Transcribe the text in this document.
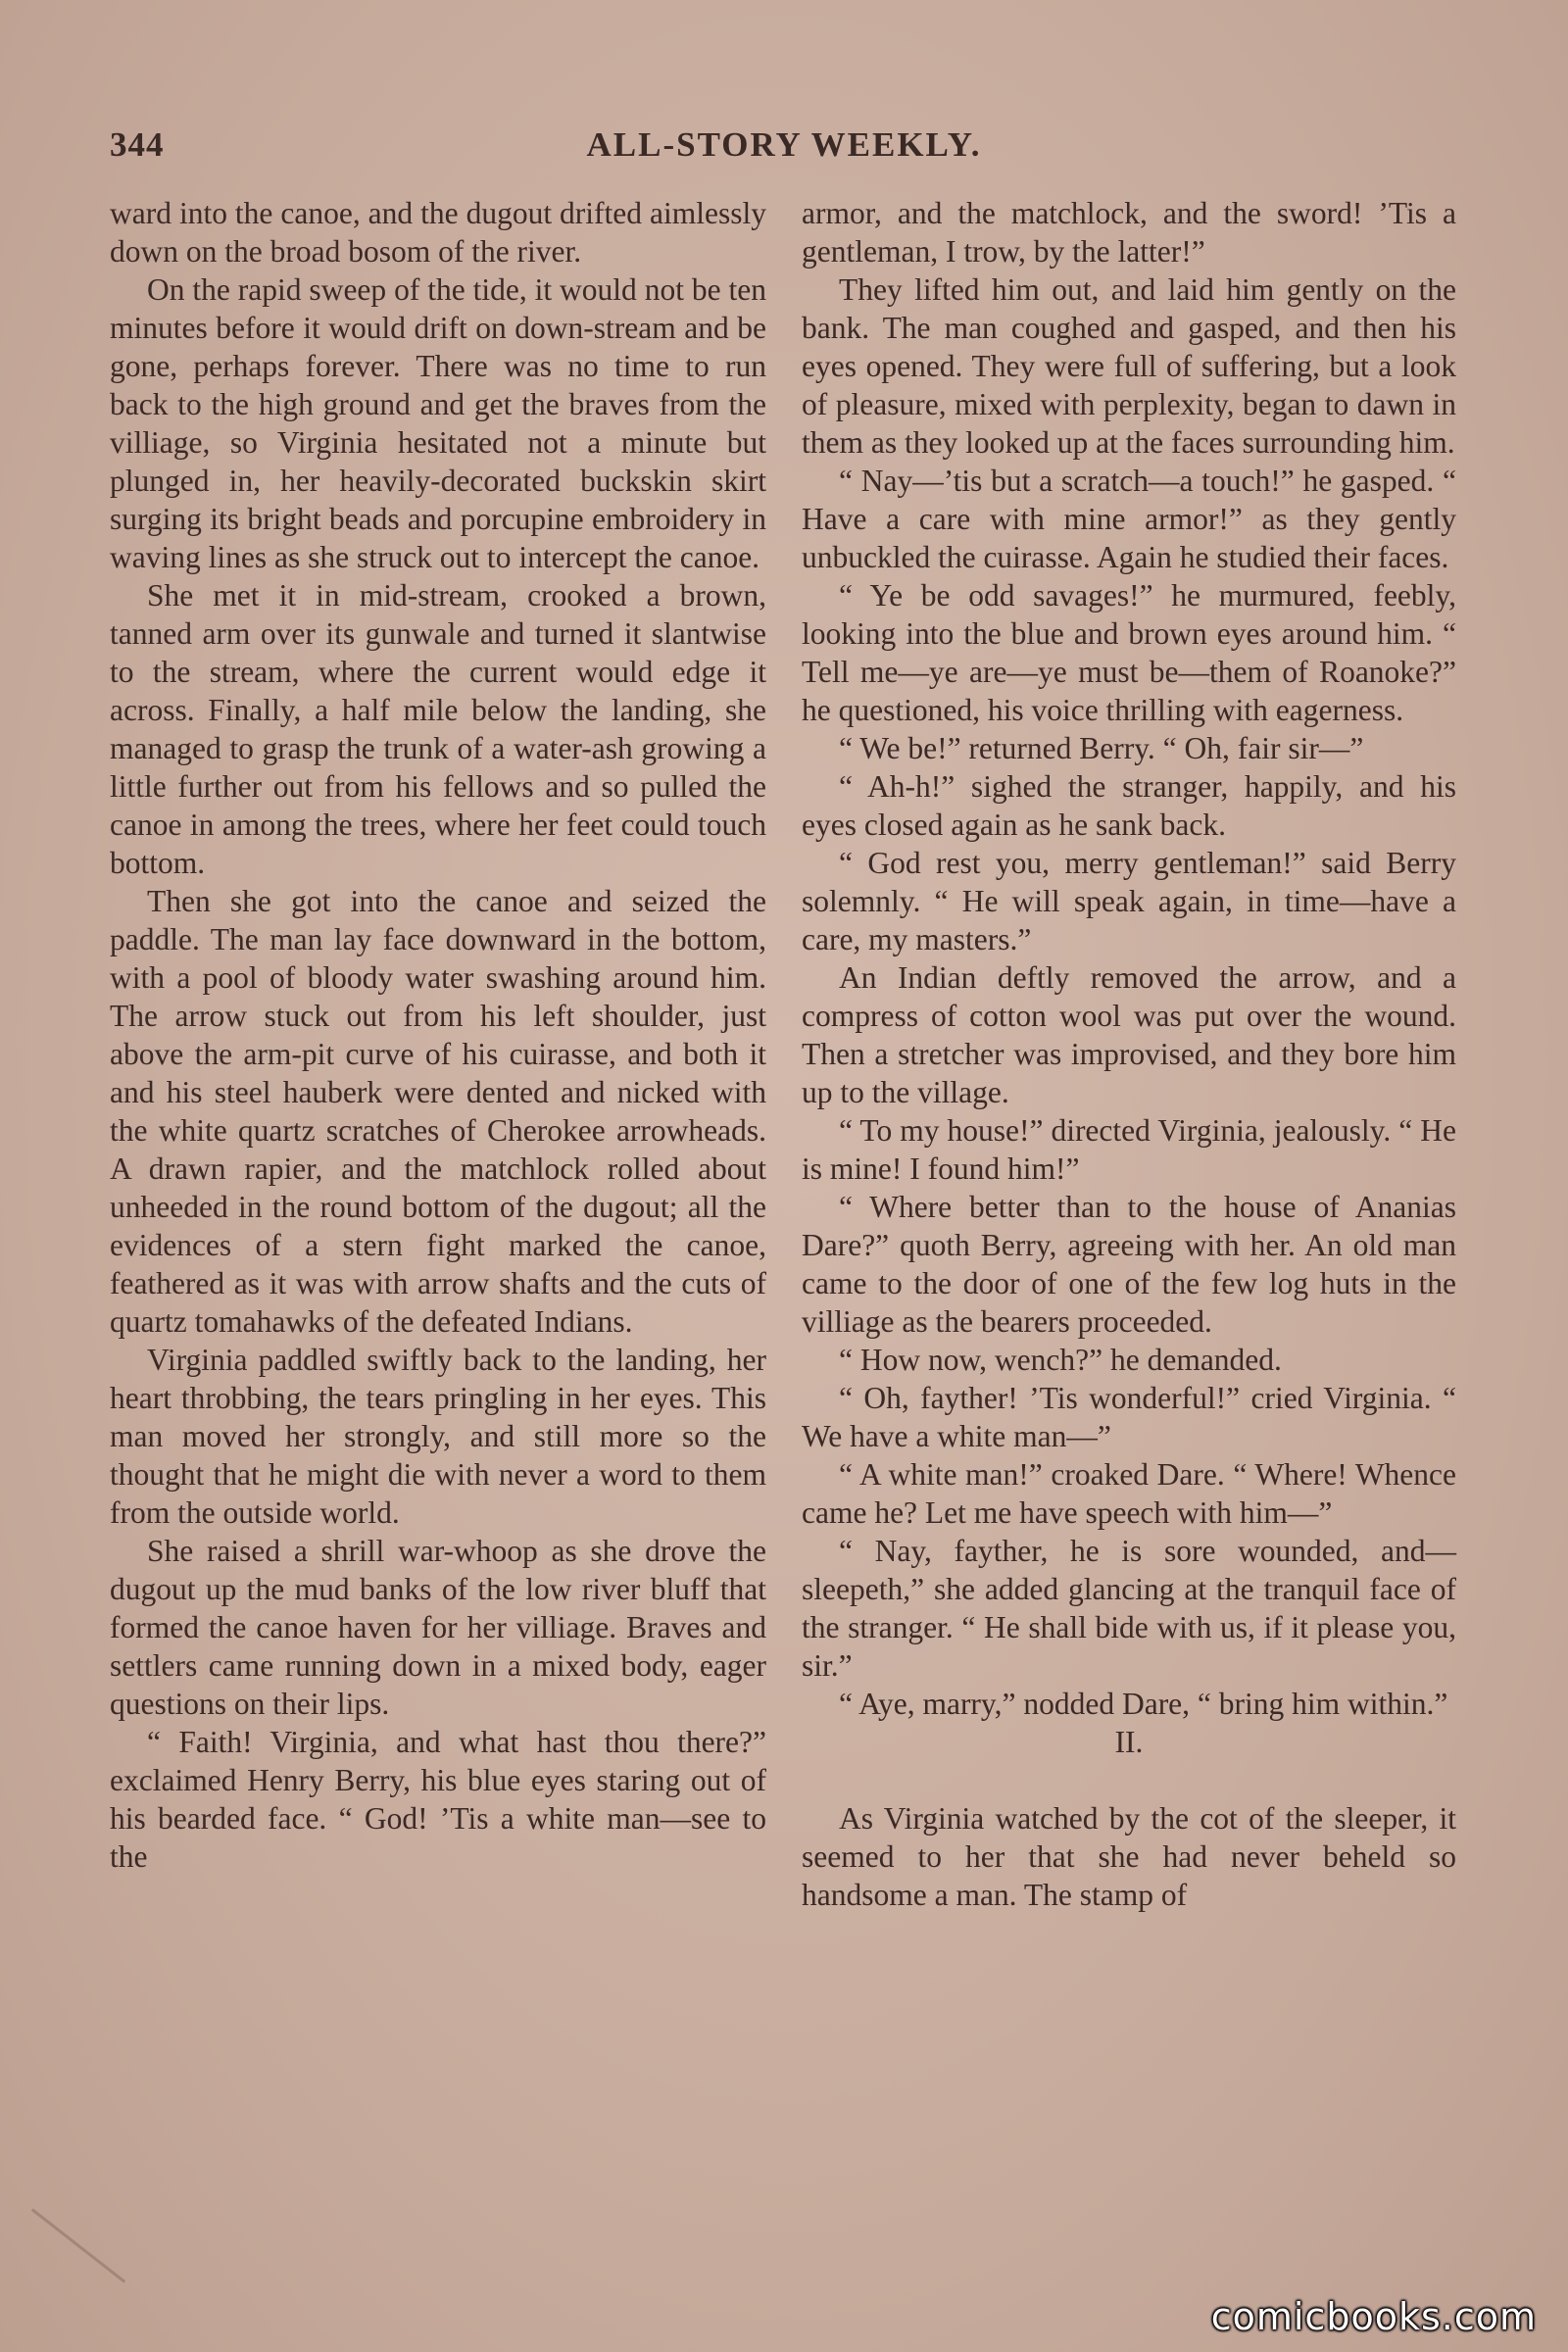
344	ALL-STORY WEEKLY.

ward into the canoe, and the dugout drifted aimlessly down on the broad bosom of the river.

On the rapid sweep of the tide, it would not be ten minutes before it would drift on down-stream and be gone, perhaps forever. There was no time to run back to the high ground and get the braves from the villiage, so Virginia hesitated not a minute but plunged in, her heavily-decorated buckskin skirt surging its bright beads and porcupine embroidery in waving lines as she struck out to intercept the canoe.

She met it in mid-stream, crooked a brown, tanned arm over its gunwale and turned it slantwise to the stream, where the current would edge it across. Finally, a half mile below the landing, she managed to grasp the trunk of a water-ash growing a little further out from his fellows and so pulled the canoe in among the trees, where her feet could touch bottom.

Then she got into the canoe and seized the paddle. The man lay face downward in the bottom, with a pool of bloody water swashing around him. The arrow stuck out from his left shoulder, just above the arm-pit curve of his cuirasse, and both it and his steel hauberk were dented and nicked with the white quartz scratches of Cherokee arrowheads. A drawn rapier, and the matchlock rolled about unheeded in the round bottom of the dugout; all the evidences of a stern fight marked the canoe, feathered as it was with arrow shafts and the cuts of quartz tomahawks of the defeated Indians.

Virginia paddled swiftly back to the landing, her heart throbbing, the tears pringling in her eyes. This man moved her strongly, and still more so the thought that he might die with never a word to them from the outside world.

She raised a shrill war-whoop as she drove the dugout up the mud banks of the low river bluff that formed the canoe haven for her villiage. Braves and settlers came running down in a mixed body, eager questions on their lips.

“ Faith! Virginia, and what hast thou there?” exclaimed Henry Berry, his blue eyes staring out of his bearded face. “ God! ’Tis a white man—see to the

armor, and the matchlock, and the sword! ’Tis a gentleman, I trow, by the latter!”

They lifted him out, and laid him gently on the bank. The man coughed and gasped, and then his eyes opened. They were full of suffering, but a look of pleasure, mixed with perplexity, began to dawn in them as they looked up at the faces surrounding him.

“ Nay—’tis but a scratch—a touch!” he gasped. “ Have a care with mine armor!” as they gently unbuckled the cuirasse. Again he studied their faces.

“ Ye be odd savages!” he murmured, feebly, looking into the blue and brown eyes around him. “ Tell me—ye are—ye must be—them of Roanoke?” he questioned, his voice thrilling with eagerness.

“ We be!” returned Berry. “ Oh, fair sir—”

“ Ah-h!” sighed the stranger, happily, and his eyes closed again as he sank back.

“ God rest you, merry gentleman!” said Berry solemnly. “ He will speak again, in time—have a care, my masters.”

An Indian deftly removed the arrow, and a compress of cotton wool was put over the wound. Then a stretcher was improvised, and they bore him up to the village.

“ To my house!” directed Virginia, jealously. “ He is mine! I found him!”

“ Where better than to the house of Ananias Dare?” quoth Berry, agreeing with her. An old man came to the door of one of the few log huts in the villiage as the bearers proceeded.

“ How now, wench?” he demanded.

“ Oh, fayther! ’Tis wonderful!” cried Virginia. “ We have a white man—”

“ A white man!” croaked Dare. “ Where! Whence came he? Let me have speech with him—”

“ Nay, fayther, he is sore wounded, and—sleepeth,” she added glancing at the tranquil face of the stranger. “ He shall bide with us, if it please you, sir.”

“ Aye, marry,” nodded Dare, “ bring him within.”

II.

As Virginia watched by the cot of the sleeper, it seemed to her that she had never beheld so handsome a man. The stamp of

comicbooks.com
